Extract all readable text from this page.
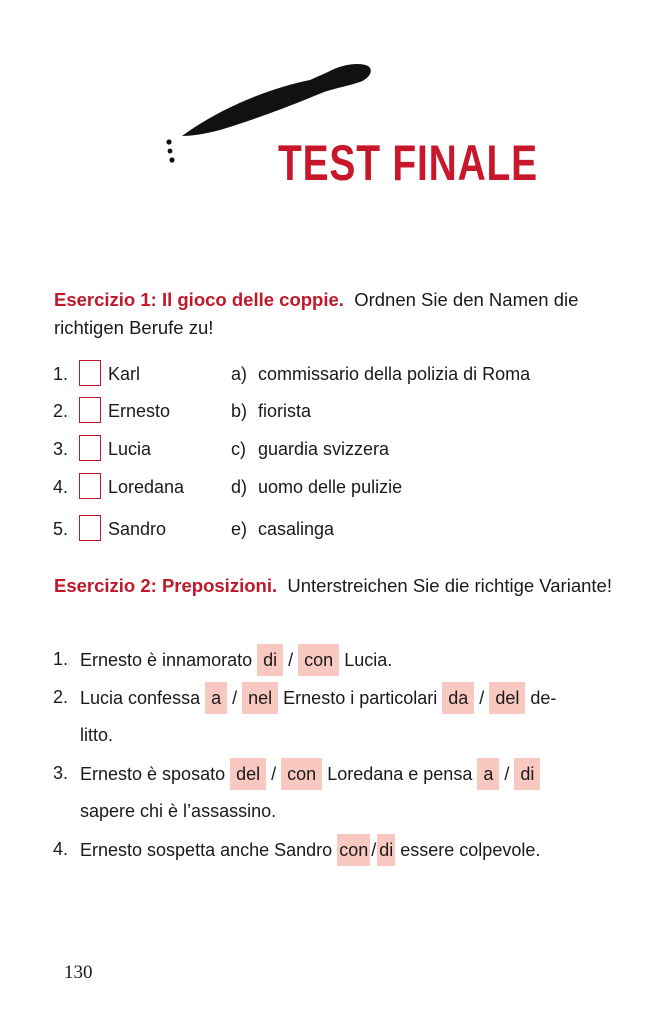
TEST FINALE
Esercizio 1: Il gioco delle coppie. Ordnen Sie den Namen die richtigen Berufe zu!
1. Karl	a) commissario della polizia di Roma
2. Ernesto	b) fiorista
3. Lucia	c) guardia svizzera
4. Loredana	d) uomo delle pulizie
5. Sandro	e) casalinga
Esercizio 2: Preposizioni. Unterstreichen Sie die richtige Variante!
1. Ernesto è innamorato di / con Lucia.
2. Lucia confessa a / nel Ernesto i particolari da / del de-
litto.
3. Ernesto è sposato del / con Loredana e pensa a / di
sapere chi è l’assassino.
4. Ernesto sospetta anche Sandro con / di essere colpevole.
130
